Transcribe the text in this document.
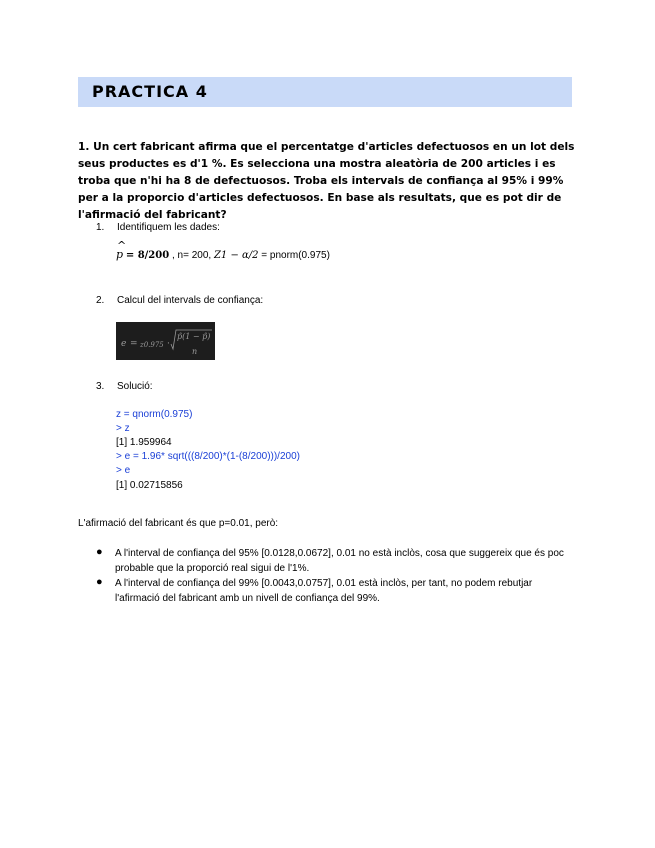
PRACTICA 4
1. Un cert fabricant afirma que el percentatge d'articles defectuosos en un lot dels seus productes es d'1 %. Es selecciona una mostra aleatòria de 200 articles i es troba que n'hi ha 8 de defectuosos. Troba els intervals de confiança al 95% i 99% per a la proporcio d'articles defectuosos. En base als resultats, que es pot dir de l'afirmació del fabricant?
1. Identifiquem les dades:
^ p = 8/200 , n= 200, Z1 − α/2 = pnorm(0.975)
2. Calcul del intervals de confiança:
e = z0.975 ·
p̂(1 − p̂)
n
3. Solució:
z = qnorm(0.975)
> z
[1] 1.959964
> e = 1.96* sqrt(((8/200)*(1-(8/200)))/200)
> e
[1] 0.02715856
L'afirmació del fabricant és que p=0.01, però:
● A l'interval de confiança del 95% [0.0128,0.0672], 0.01 no està inclòs, cosa que suggereix que és poc probable que la proporció real sigui de l'1%.
● A l'interval de confiança del 99% [0.0043,0.0757], 0.01 està inclòs, per tant, no podem rebutjar l'afirmació del fabricant amb un nivell de confiança del 99%.
